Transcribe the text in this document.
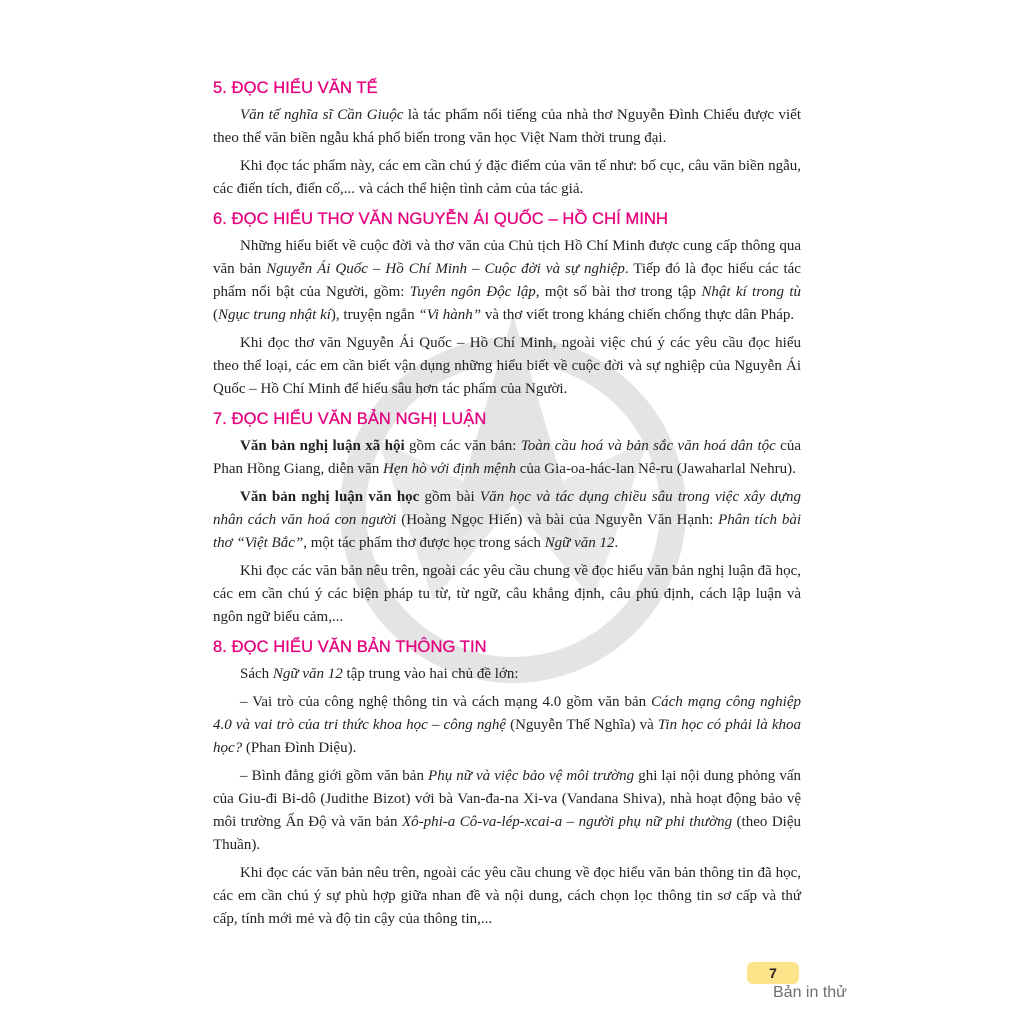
5. ĐỌC HIỂU VĂN TẾ

Văn tế nghĩa sĩ Cần Giuộc là tác phẩm nổi tiếng của nhà thơ Nguyễn Đình Chiểu được viết theo thể văn biền ngẫu khá phổ biến trong văn học Việt Nam thời trung đại.

Khi đọc tác phẩm này, các em cần chú ý đặc điểm của văn tế như: bố cục, câu văn biền ngẫu, các điển tích, điển cố,... và cách thể hiện tình cảm của tác giả.

6. ĐỌC HIỂU THƠ VĂN NGUYỄN ÁI QUỐC – HỒ CHÍ MINH

Những hiểu biết về cuộc đời và thơ văn của Chủ tịch Hồ Chí Minh được cung cấp thông qua văn bản Nguyễn Ái Quốc – Hồ Chí Minh – Cuộc đời và sự nghiệp. Tiếp đó là đọc hiểu các tác phẩm nổi bật của Người, gồm: Tuyên ngôn Độc lập, một số bài thơ trong tập Nhật kí trong tù (Ngục trung nhật kí), truyện ngắn “Vi hành” và thơ viết trong kháng chiến chống thực dân Pháp.

Khi đọc thơ văn Nguyễn Ái Quốc – Hồ Chí Minh, ngoài việc chú ý các yêu cầu đọc hiểu theo thể loại, các em cần biết vận dụng những hiểu biết về cuộc đời và sự nghiệp của Nguyễn Ái Quốc – Hồ Chí Minh để hiểu sâu hơn tác phẩm của Người.

7. ĐỌC HIỂU VĂN BẢN NGHỊ LUẬN

Văn bản nghị luận xã hội gồm các văn bản: Toàn cầu hoá và bản sắc văn hoá dân tộc của Phan Hồng Giang, diễn văn Hẹn hò với định mệnh của Gia-oa-hác-lan Nê-ru (Jawaharlal Nehru).

Văn bản nghị luận văn học gồm bài Văn học và tác dụng chiều sâu trong việc xây dựng nhân cách văn hoá con người (Hoàng Ngọc Hiến) và bài của Nguyễn Văn Hạnh: Phân tích bài thơ “Việt Bắc”, một tác phẩm thơ được học trong sách Ngữ văn 12.

Khi đọc các văn bản nêu trên, ngoài các yêu cầu chung về đọc hiểu văn bản nghị luận đã học, các em cần chú ý các biện pháp tu từ, từ ngữ, câu khẳng định, câu phủ định, cách lập luận và ngôn ngữ biểu cảm,...

8. ĐỌC HIỂU VĂN BẢN THÔNG TIN

Sách Ngữ văn 12 tập trung vào hai chủ đề lớn:

– Vai trò của công nghệ thông tin và cách mạng 4.0 gồm văn bản Cách mạng công nghiệp 4.0 và vai trò của tri thức khoa học – công nghệ (Nguyễn Thế Nghĩa) và Tin học có phải là khoa học? (Phan Đình Diệu).

– Bình đẳng giới gồm văn bản Phụ nữ và việc bảo vệ môi trường ghi lại nội dung phỏng vấn của Giu-đi Bi-dô (Judithe Bizot) với bà Van-đa-na Xi-va (Vandana Shiva), nhà hoạt động bảo vệ môi trường Ấn Độ và văn bản Xô-phi-a Cô-va-lép-xcai-a – người phụ nữ phi thường (theo Diệu Thuần).

Khi đọc các văn bản nêu trên, ngoài các yêu cầu chung về đọc hiểu văn bản thông tin đã học, các em cần chú ý sự phù hợp giữa nhan đề và nội dung, cách chọn lọc thông tin sơ cấp và thứ cấp, tính mới mẻ và độ tin cậy của thông tin,...

7
Bản in thử
